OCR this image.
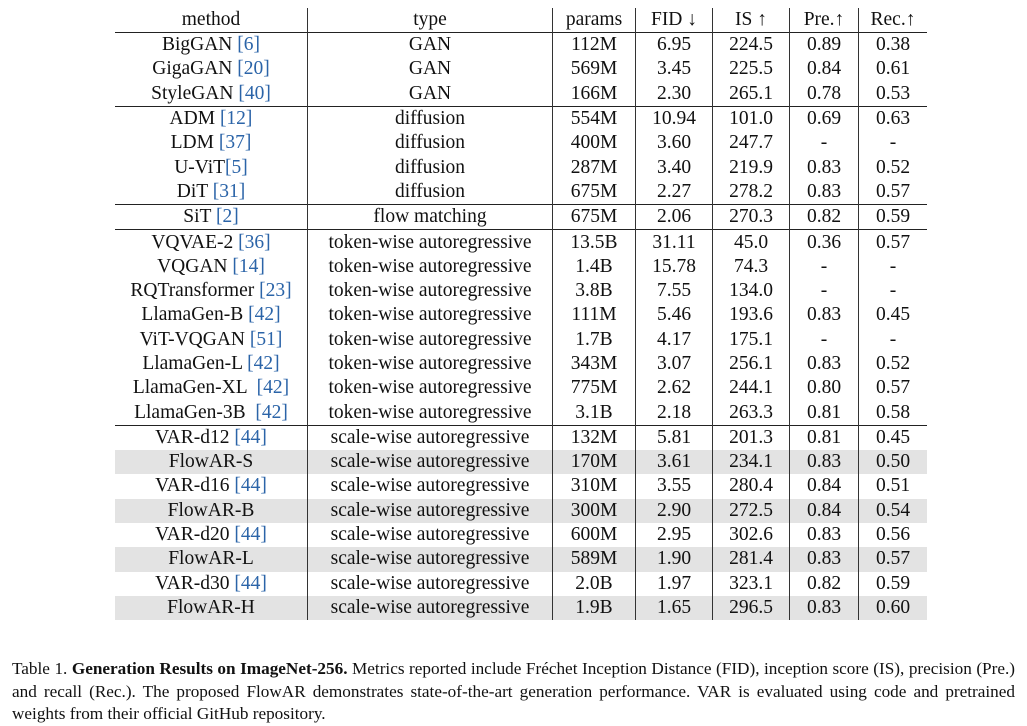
method	type	params	FID ↓	IS ↑	Pre.↑	Rec.↑
BigGAN [6]	GAN	112M	6.95	224.5	0.89	0.38
GigaGAN [20]	GAN	569M	3.45	225.5	0.84	0.61
StyleGAN [40]	GAN	166M	2.30	265.1	0.78	0.53
ADM [12]	diffusion	554M	10.94	101.0	0.69	0.63
LDM [37]	diffusion	400M	3.60	247.7	-	-
U-ViT[5]	diffusion	287M	3.40	219.9	0.83	0.52
DiT [31]	diffusion	675M	2.27	278.2	0.83	0.57
SiT [2]	flow matching	675M	2.06	270.3	0.82	0.59
VQVAE-2 [36]	token-wise autoregressive	13.5B	31.11	45.0	0.36	0.57
VQGAN [14]	token-wise autoregressive	1.4B	15.78	74.3	-	-
RQTransformer [23]	token-wise autoregressive	3.8B	7.55	134.0	-	-
LlamaGen-B [42]	token-wise autoregressive	111M	5.46	193.6	0.83	0.45
ViT-VQGAN [51]	token-wise autoregressive	1.7B	4.17	175.1	-	-
LlamaGen-L [42]	token-wise autoregressive	343M	3.07	256.1	0.83	0.52
LlamaGen-XL  [42]	token-wise autoregressive	775M	2.62	244.1	0.80	0.57
LlamaGen-3B  [42]	token-wise autoregressive	3.1B	2.18	263.3	0.81	0.58
VAR-d12 [44]	scale-wise autoregressive	132M	5.81	201.3	0.81	0.45
FlowAR-S	scale-wise autoregressive	170M	3.61	234.1	0.83	0.50
VAR-d16 [44]	scale-wise autoregressive	310M	3.55	280.4	0.84	0.51
FlowAR-B	scale-wise autoregressive	300M	2.90	272.5	0.84	0.54
VAR-d20 [44]	scale-wise autoregressive	600M	2.95	302.6	0.83	0.56
FlowAR-L	scale-wise autoregressive	589M	1.90	281.4	0.83	0.57
VAR-d30 [44]	scale-wise autoregressive	2.0B	1.97	323.1	0.82	0.59
FlowAR-H	scale-wise autoregressive	1.9B	1.65	296.5	0.83	0.60

Table 1. Generation Results on ImageNet-256. Metrics reported include Fréchet Inception Distance (FID), inception score (IS), precision (Pre.) and recall (Rec.). The proposed FlowAR demonstrates state-of-the-art generation performance. VAR is evaluated using code and pretrained weights from their official GitHub repository.
